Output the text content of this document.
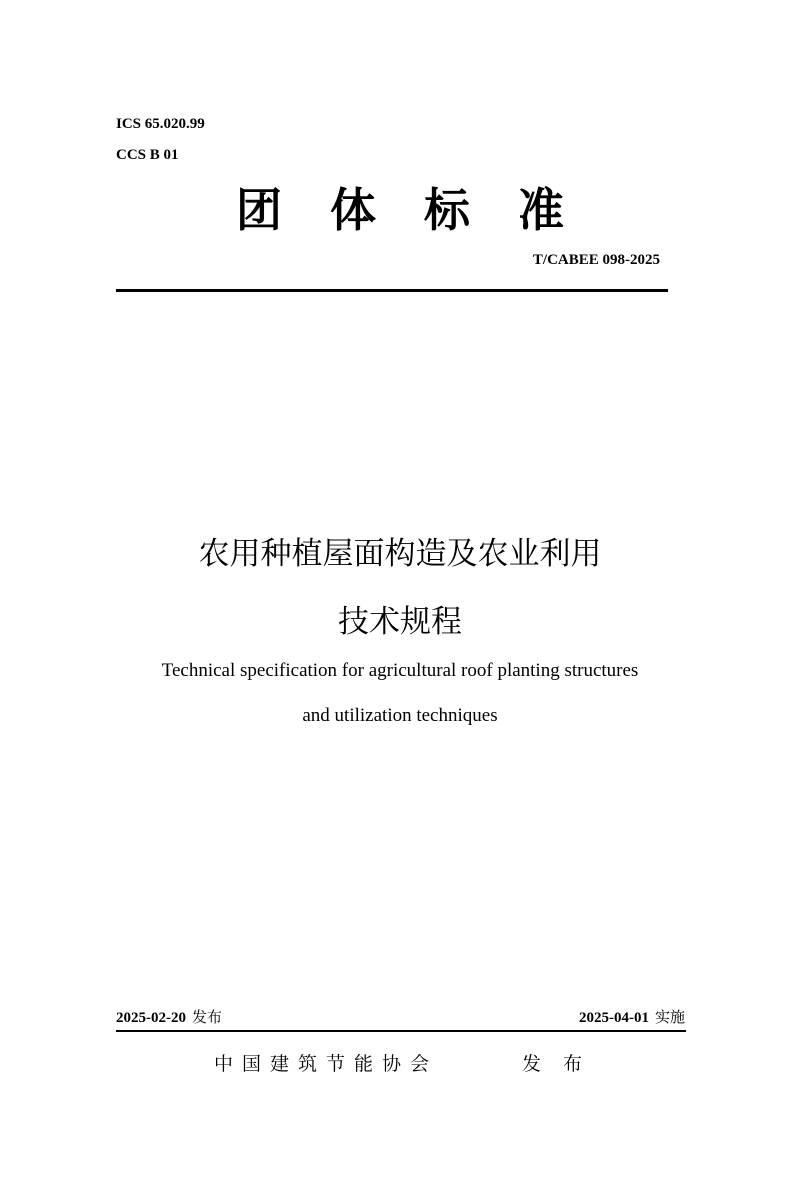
ICS 65.020.99
CCS B 01
团体标准
T/CABEE 098-2025
农用种植屋面构造及农业利用
技术规程
Technical specification for agricultural roof planting structures
and utilization techniques
2025-02-20 发布	2025-04-01 实施
中国建筑节能协会	发布
